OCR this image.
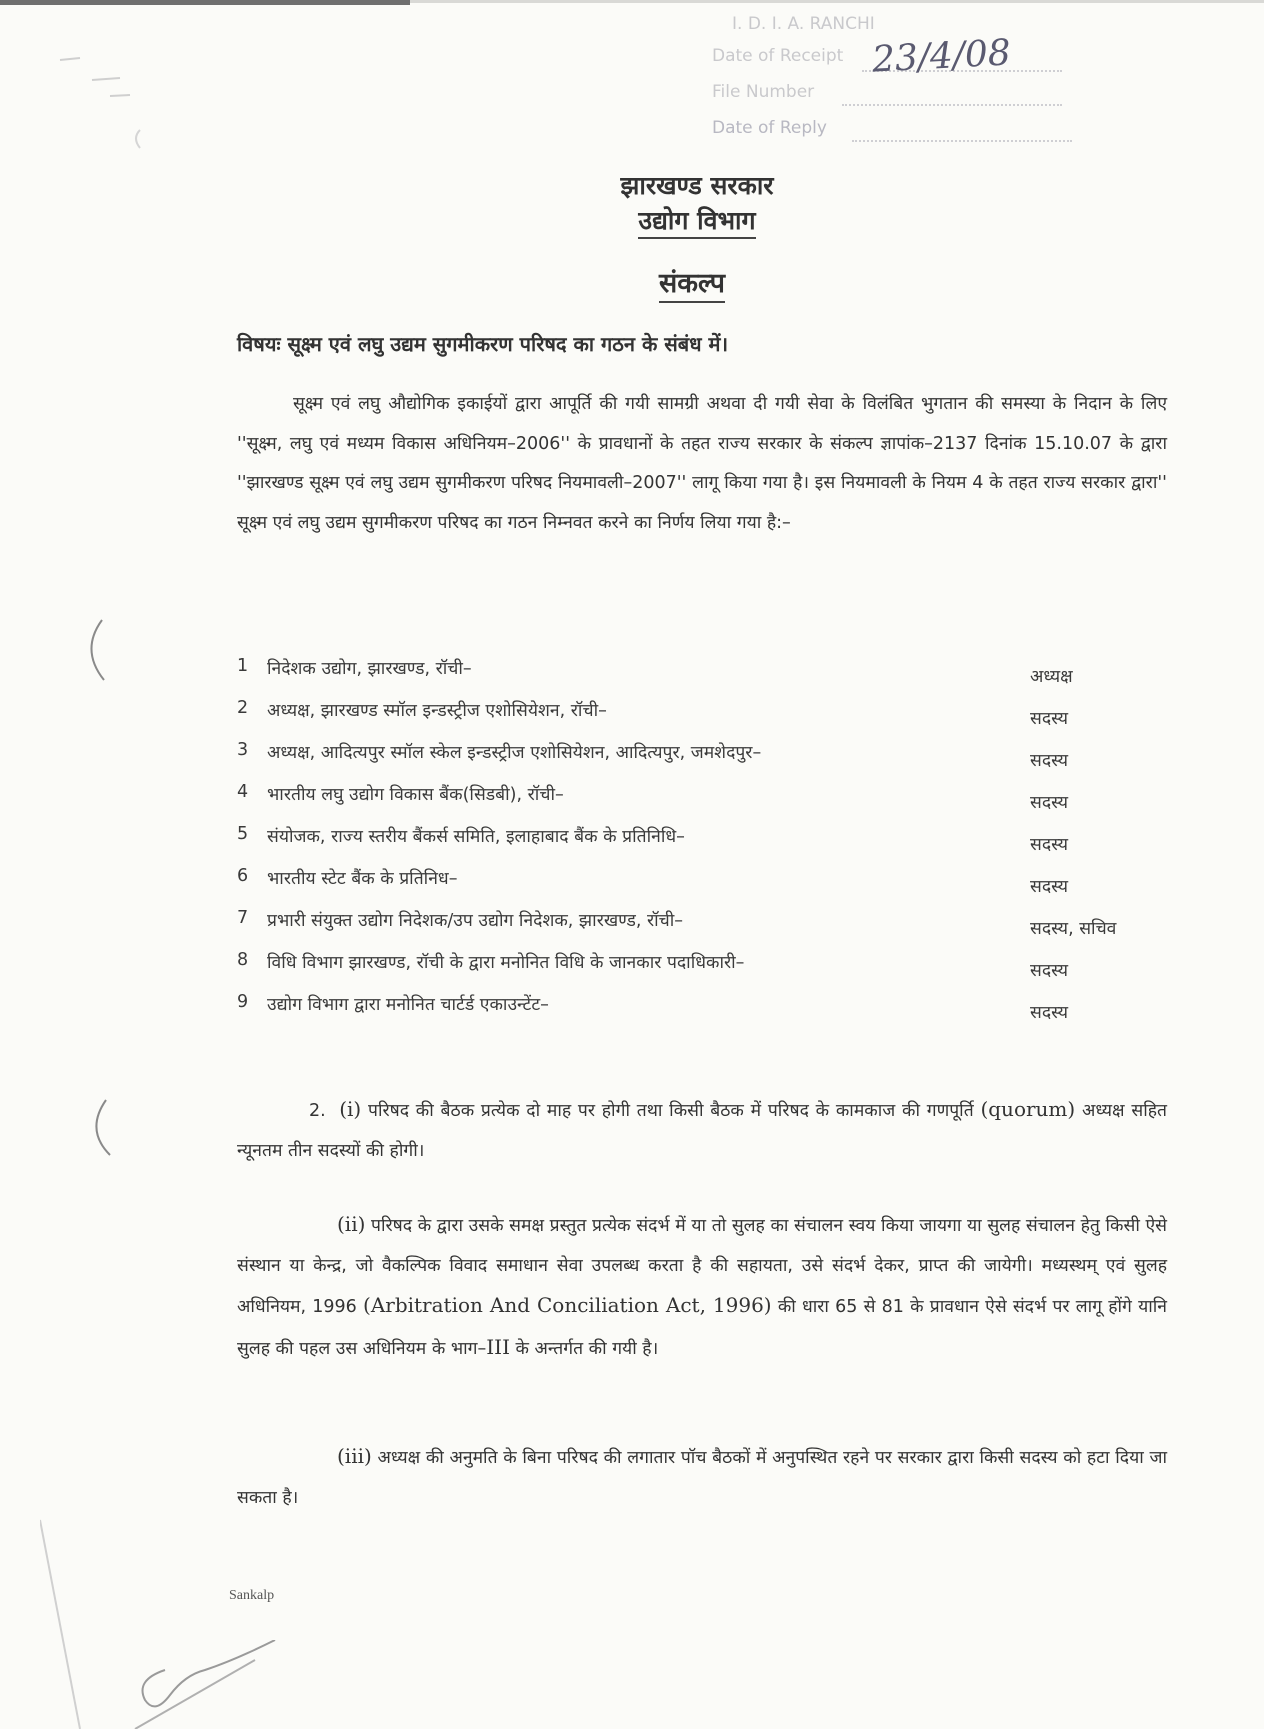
I. D. I. A. RANCHI
Date of Receipt
File Number
Date of Reply
23/4/08
झारखण्ड सरकार
उद्योग विभाग
संकल्प
विषयः सूक्ष्म एवं लघु उद्यम सुगमीकरण परिषद का गठन के संबंध में।
सूक्ष्म एवं लघु औद्योगिक इकाईयों द्वारा आपूर्ति की गयी सामग्री अथवा दी गयी सेवा के विलंबित भुगतान की समस्या के निदान के लिए ''सूक्ष्म, लघु एवं मध्यम विकास अधिनियम–2006'' के प्रावधानों के तहत राज्य सरकार के संकल्प ज्ञापांक–2137 दिनांक 15.10.07 के द्वारा ''झारखण्ड सूक्ष्म एवं लघु उद्यम सुगमीकरण परिषद नियमावली–2007'' लागू किया गया है। इस नियमावली के नियम 4 के तहत राज्य सरकार द्वारा'' सूक्ष्म एवं लघु उद्यम सुगमीकरण परिषद का गठन निम्नवत करने का निर्णय लिया गया है:–
1	निदेशक उद्योग, झारखण्ड, रॉची–	अध्यक्ष
2	अध्यक्ष, झारखण्ड स्मॉल इन्डस्ट्रीज एशोसियेशन, रॉची–	सदस्य
3	अध्यक्ष, आदित्यपुर स्मॉल स्केल इन्डस्ट्रीज एशोसियेशन, आदित्यपुर, जमशेदपुर–	सदस्य
4	भारतीय लघु उद्योग विकास बैंक(सिडबी), रॉची–	सदस्य
5	संयोजक, राज्य स्तरीय बैंकर्स समिति, इलाहाबाद बैंक के प्रतिनिधि–	सदस्य
6	भारतीय स्टेट बैंक के प्रतिनिध–	सदस्य
7	प्रभारी संयुक्त उद्योग निदेशक/उप उद्योग निदेशक, झारखण्ड, रॉची–	सदस्य, सचिव
8	विधि विभाग झारखण्ड, रॉची के द्वारा मनोनित विधि के जानकार पदाधिकारी–	सदस्य
9	उद्योग विभाग द्वारा मनोनित चार्टर्ड एकाउन्टेंट–	सदस्य
2. (i) परिषद की बैठक प्रत्येक दो माह पर होगी तथा किसी बैठक में परिषद के कामकाज की गणपूर्ति (quorum) अध्यक्ष सहित न्यूनतम तीन सदस्यों की होगी।
(ii) परिषद के द्वारा उसके समक्ष प्रस्तुत प्रत्येक संदर्भ में या तो सुलह का संचालन स्वय किया जायगा या सुलह संचालन हेतु किसी ऐसे संस्थान या केन्द्र, जो वैकल्पिक विवाद समाधान सेवा उपलब्ध करता है की सहायता, उसे संदर्भ देकर, प्राप्त की जायेगी। मध्यस्थम् एवं सुलह अधिनियम, 1996 (Arbitration And Conciliation Act, 1996) की धारा 65 से 81 के प्रावधान ऐसे संदर्भ पर लागू होंगे यानि सुलह की पहल उस अधिनियम के भाग–III के अन्तर्गत की गयी है।
(iii) अध्यक्ष की अनुमति के बिना परिषद की लगातार पॉच बैठकों में अनुपस्थित रहने पर सरकार द्वारा किसी सदस्य को हटा दिया जा सकता है।
Sankalp
